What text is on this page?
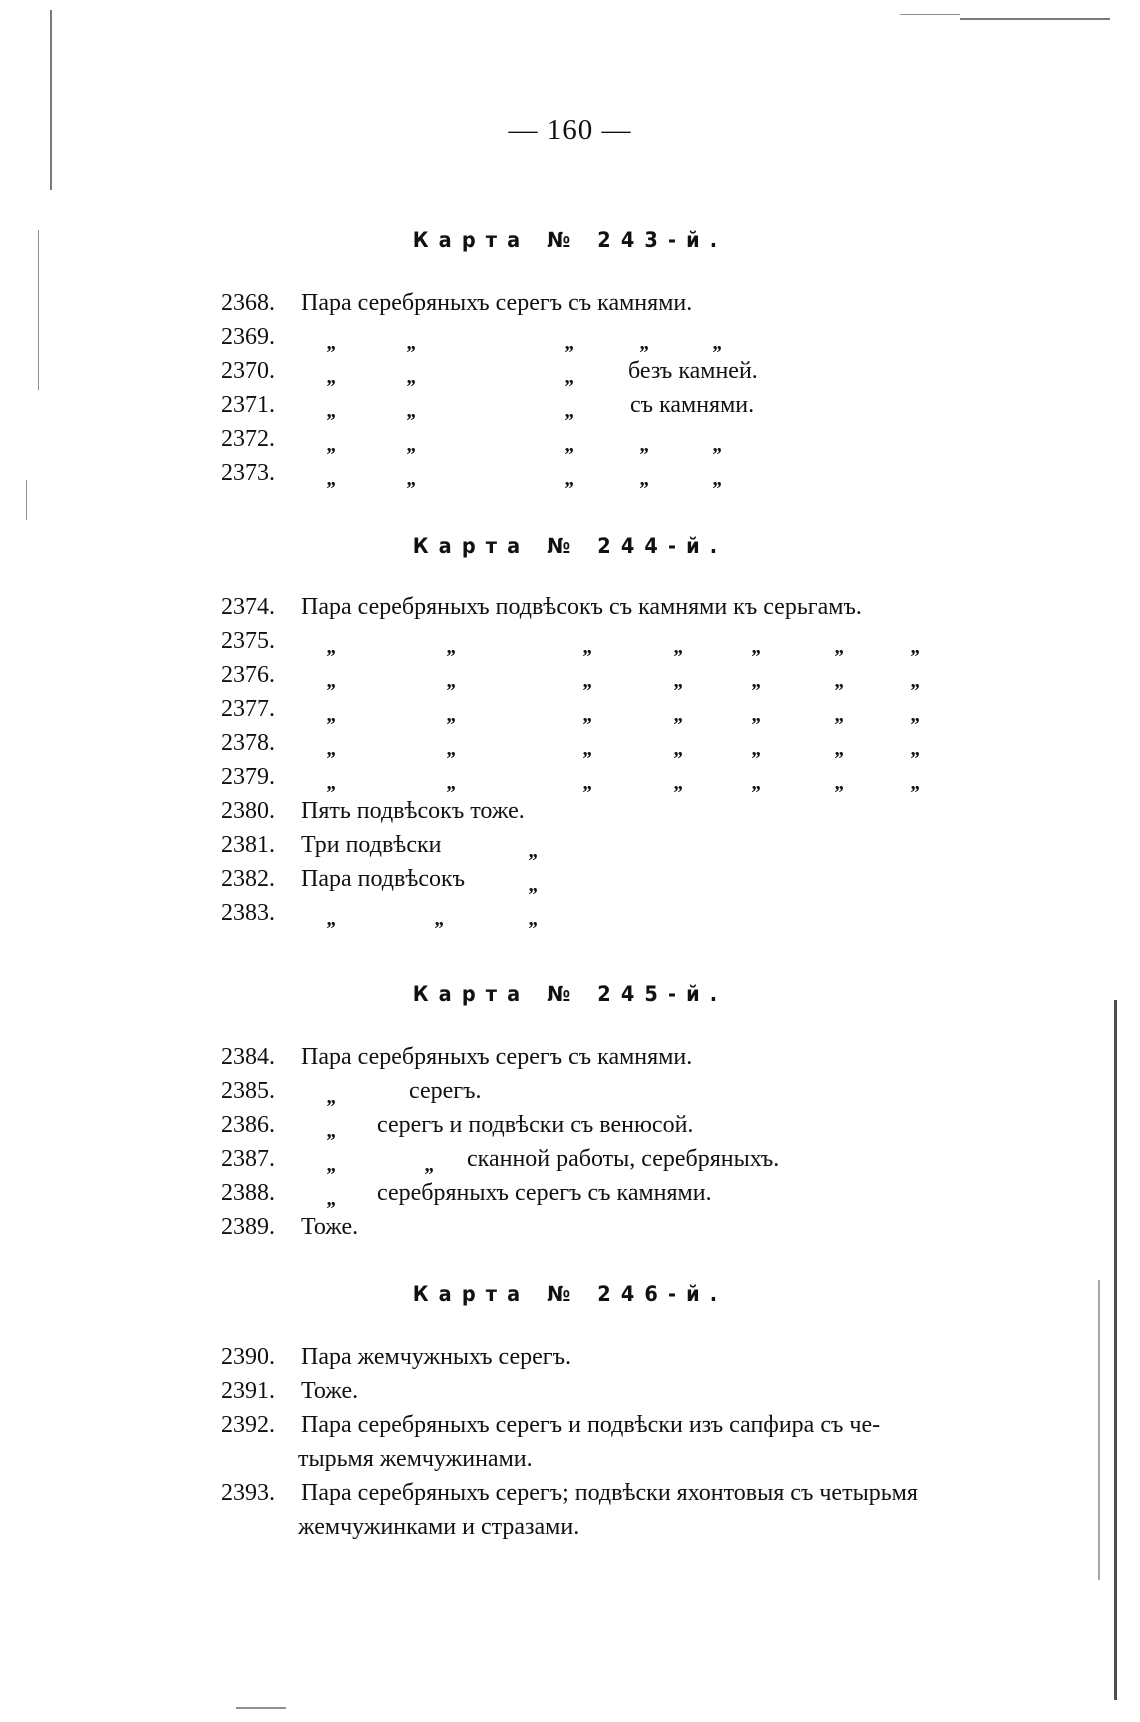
— 160 —
Карта № 243-й.
2368. Пара серебряныхъ серегъ съ камнями.
2369.	„	„	„	„	„
2370.	„	„	„ безъ камней.
2371.	„	„	„ съ камнями.
2372.	„	„	„	„	„
2373.	„	„	„	„	„
Карта № 244-й.
2374. Пара серебряныхъ подвѣсокъ съ камнями къ серьгамъ.
2375.	„	„	„	„	„	„	„
2376.	„	„	„	„	„	„	„
2377.	„	„	„	„	„	„	„
2378.	„	„	„	„	„	„	„
2379.	„	„	„	„	„	„	„
2380. Пять подвѣсокъ тоже.
2381. Три подвѣски	„
2382. Пара подвѣсокъ	„
2383.	„	„	„
Карта № 245-й.
2384. Пара серебряныхъ серегъ съ камнями.
2385.	„	серегъ.
2386.	„ серегъ и подвѣски съ венюсой.
2387.	„	„ сканной работы, серебряныхъ.
2388.	„ серебряныхъ серегъ съ камнями.
2389. Тоже.
Карта № 246-й.
2390. Пара жемчужныхъ серегъ.
2391. Тоже.
2392. Пара серебряныхъ серегъ и подвѣски изъ сапфира съ че-
тырьмя жемчужинами.
2393. Пара серебряныхъ серегъ; подвѣски яхонтовыя съ четырьмя
жемчужинками и стразами.
